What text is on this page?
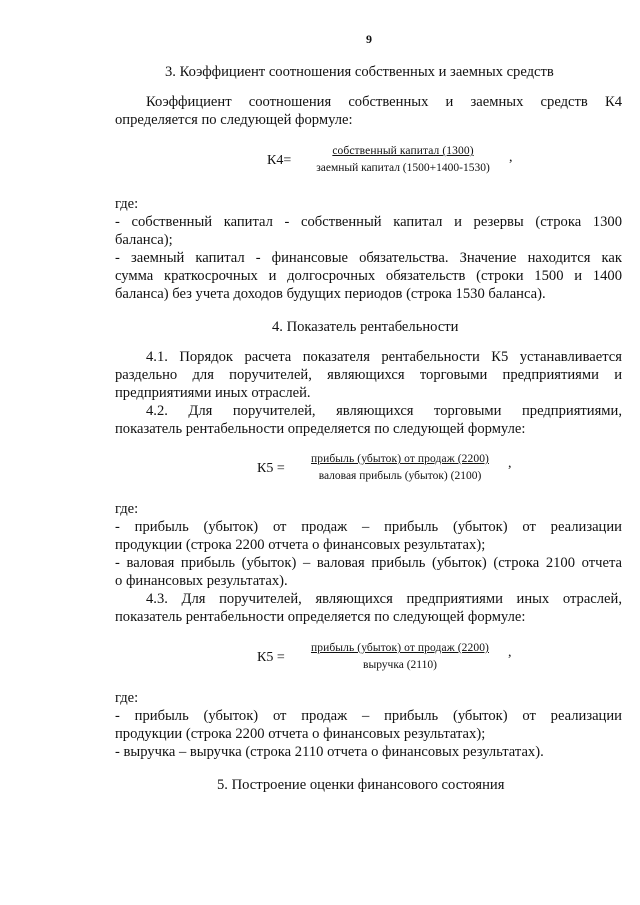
9
3. Коэффициент соотношения собственных и заемных средств
Коэффициент соотношения собственных и заемных средств К4
определяется по следующей формуле:
К4=
собственный капитал (1300)
заемный капитал (1500+1400-1530)
,
где:
- собственный капитал - собственный капитал и резервы (строка 1300
баланса);
- заемный капитал - финансовые обязательства. Значение находится как
сумма краткосрочных и долгосрочных обязательств (строки 1500 и 1400
баланса) без учета доходов будущих периодов (строка 1530 баланса).
4. Показатель рентабельности
4.1. Порядок расчета показателя рентабельности К5 устанавливается
раздельно для поручителей, являющихся торговыми предприятиями и
предприятиями иных отраслей.
4.2. Для поручителей, являющихся торговыми предприятиями,
показатель рентабельности определяется по следующей формуле:
К5 =
прибыль (убыток) от продаж (2200)
валовая прибыль (убыток) (2100)
,
где:
- прибыль (убыток) от продаж – прибыль (убыток) от реализации
продукции (строка 2200 отчета о финансовых результатах);
- валовая прибыль (убыток) – валовая прибыль (убыток) (строка 2100 отчета
о финансовых результатах).
4.3. Для поручителей, являющихся предприятиями иных отраслей,
показатель рентабельности определяется по следующей формуле:
К5 =
прибыль (убыток) от продаж (2200)
выручка (2110)
,
где:
- прибыль (убыток) от продаж – прибыль (убыток) от реализации
продукции (строка 2200 отчета о финансовых результатах);
- выручка – выручка (строка 2110 отчета о финансовых результатах).
5. Построение оценки финансового состояния
